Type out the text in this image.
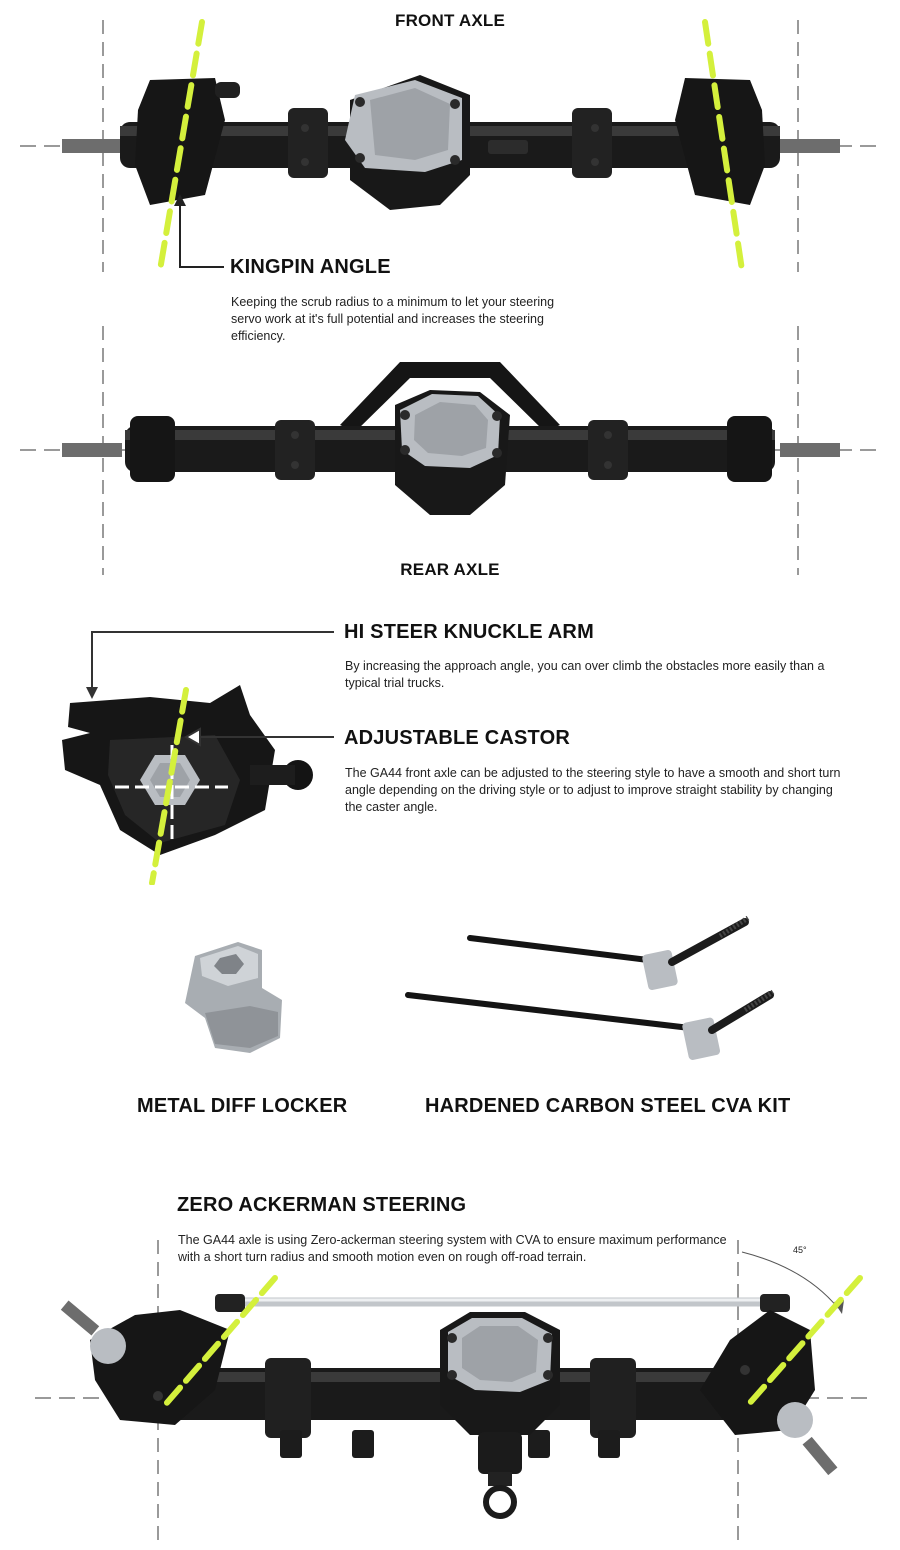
FRONT AXLE
KINGPIN ANGLE
Keeping the scrub radius to a minimum to let your steering servo work at it's full potential and increases the steering efficiency.
REAR AXLE
HI STEER KNUCKLE ARM
By increasing the approach angle, you can over climb the obstacles more easily than a typical trial trucks.
ADJUSTABLE CASTOR
The GA44 front axle can be adjusted to the steering style to have a smooth and short turn angle depending on the driving style or to adjust to improve straight stability by changing the caster angle.
METAL DIFF LOCKER	HARDENED CARBON STEEL CVA KIT
ZERO ACKERMAN STEERING
The GA44 axle is using Zero-ackerman steering system with CVA to ensure maximum performance with a short turn radius and smooth motion even on rough off-road terrain.	45°
